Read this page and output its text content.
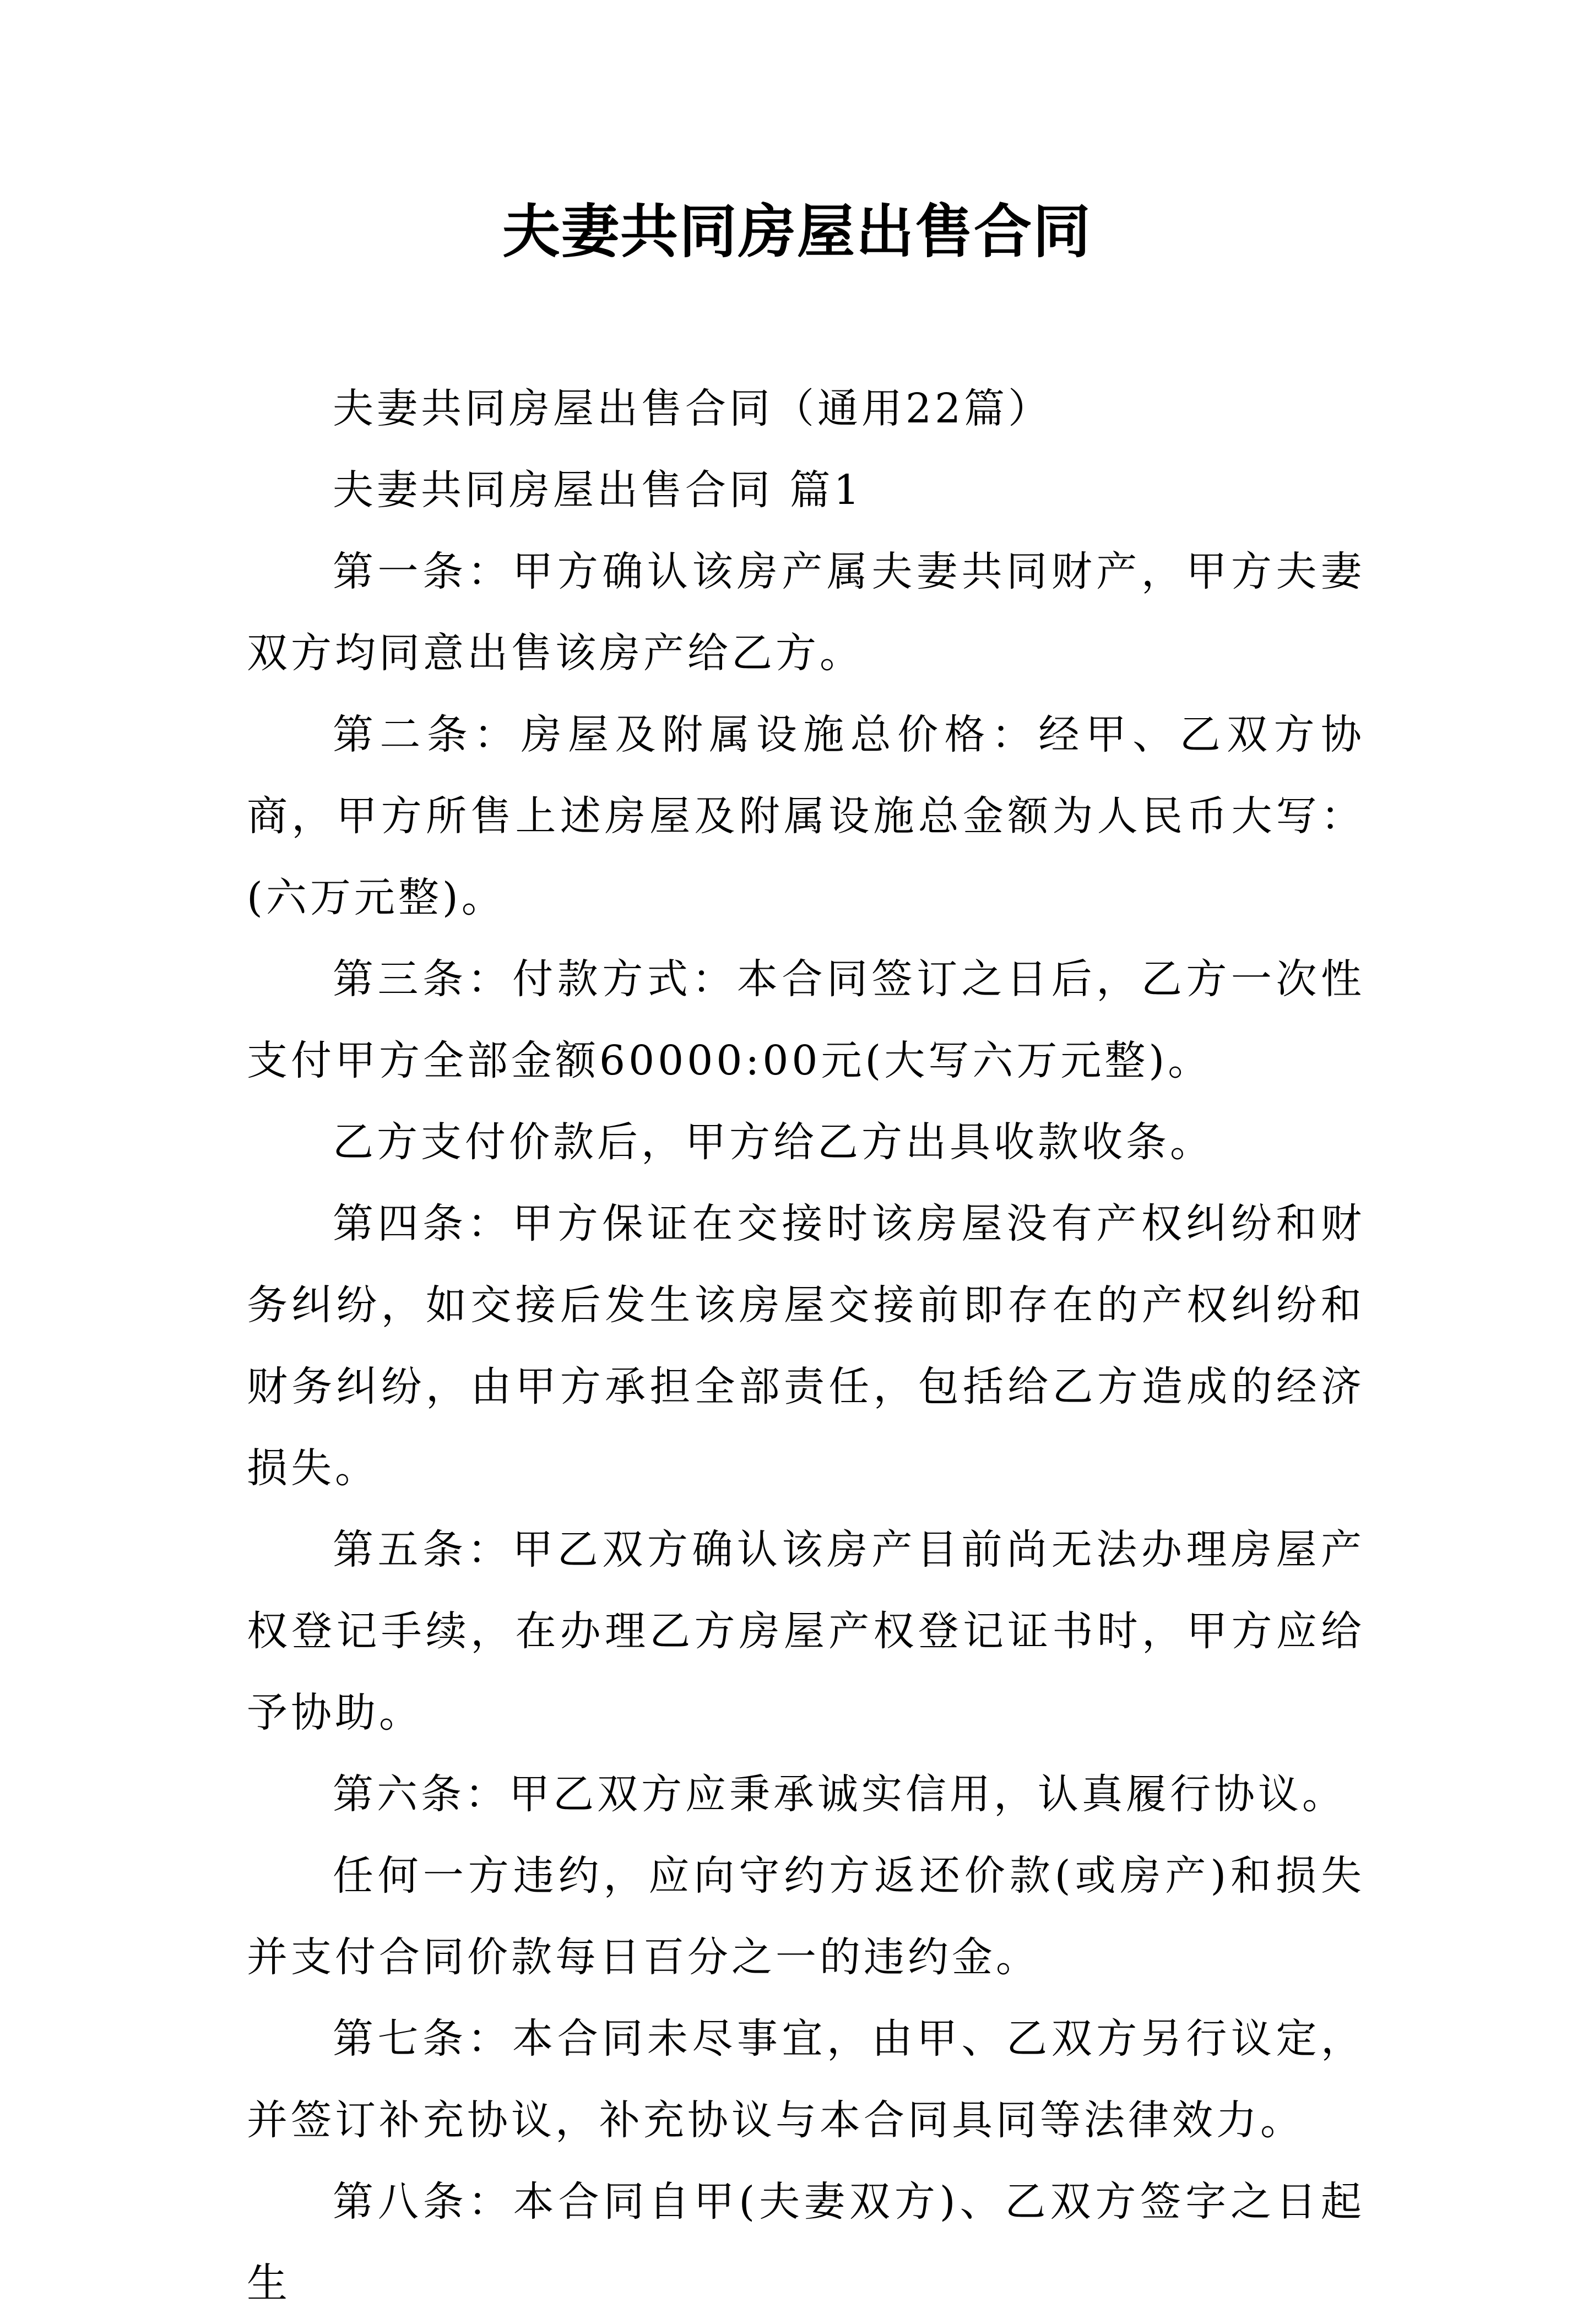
夫妻共同房屋出售合同

夫妻共同房屋出售合同（通用22篇）

夫妻共同房屋出售合同 篇1

第一条：甲方确认该房产属夫妻共同财产，甲方夫妻双方均同意出售该房产给乙方。

第二条：房屋及附属设施总价格：经甲、乙双方协商，甲方所售上述房屋及附属设施总金额为人民币大写：(六万元整)。

第三条：付款方式：本合同签订之日后，乙方一次性支付甲方全部金额60000:00元(大写六万元整)。

乙方支付价款后，甲方给乙方出具收款收条。

第四条：甲方保证在交接时该房屋没有产权纠纷和财务纠纷，如交接后发生该房屋交接前即存在的产权纠纷和财务纠纷，由甲方承担全部责任，包括给乙方造成的经济损失。

第五条：甲乙双方确认该房产目前尚无法办理房屋产权登记手续，在办理乙方房屋产权登记证书时，甲方应给予协助。

第六条：甲乙双方应秉承诚实信用，认真履行协议。

任何一方违约，应向守约方返还价款(或房产)和损失并支付合同价款每日百分之一的违约金。

第七条：本合同未尽事宜，由甲、乙双方另行议定，并签订补充协议，补充协议与本合同具同等法律效力。

第八条：本合同自甲(夫妻双方)、乙双方签字之日起生
